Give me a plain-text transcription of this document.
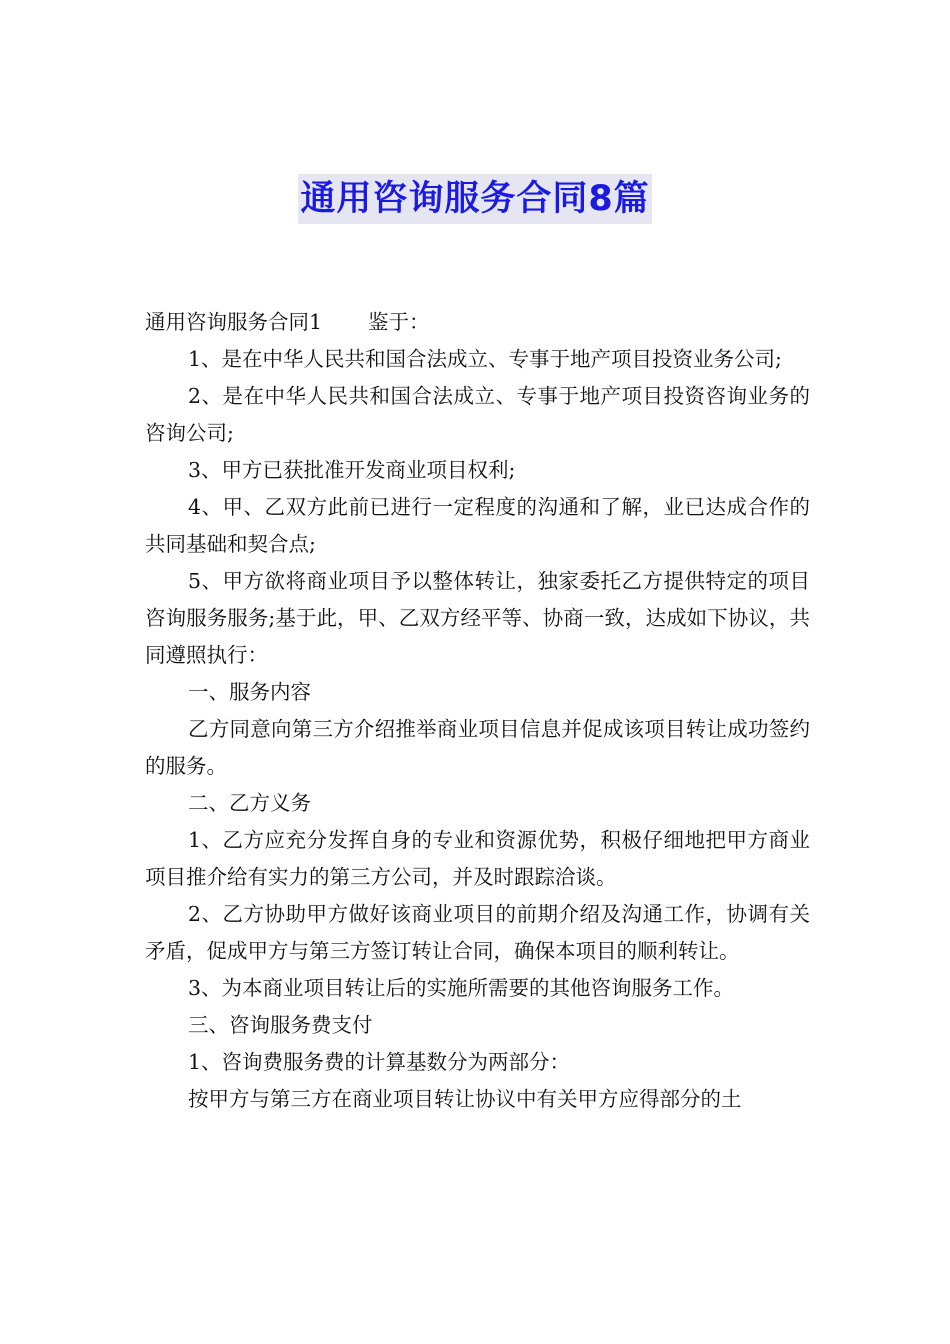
通用咨询服务合同8篇

通用咨询服务合同1 鉴于：

1、是在中华人民共和国合法成立、专事于地产项目投资业务公司;

2、是在中华人民共和国合法成立、专事于地产项目投资咨询业务的咨询公司;

3、甲方已获批准开发商业项目权利;

4、甲、乙双方此前已进行一定程度的沟通和了解，业已达成合作的共同基础和契合点;

5、甲方欲将商业项目予以整体转让，独家委托乙方提供特定的项目咨询服务服务;基于此，甲、乙双方经平等、协商一致，达成如下协议，共同遵照执行：

一、服务内容

乙方同意向第三方介绍推举商业项目信息并促成该项目转让成功签约的服务。

二、乙方义务

1、乙方应充分发挥自身的专业和资源优势，积极仔细地把甲方商业项目推介给有实力的第三方公司，并及时跟踪洽谈。

2、乙方协助甲方做好该商业项目的前期介绍及沟通工作，协调有关矛盾，促成甲方与第三方签订转让合同，确保本项目的顺利转让。

3、为本商业项目转让后的实施所需要的其他咨询服务工作。

三、咨询服务费支付

1、咨询费服务费的计算基数分为两部分：

按甲方与第三方在商业项目转让协议中有关甲方应得部分的土
